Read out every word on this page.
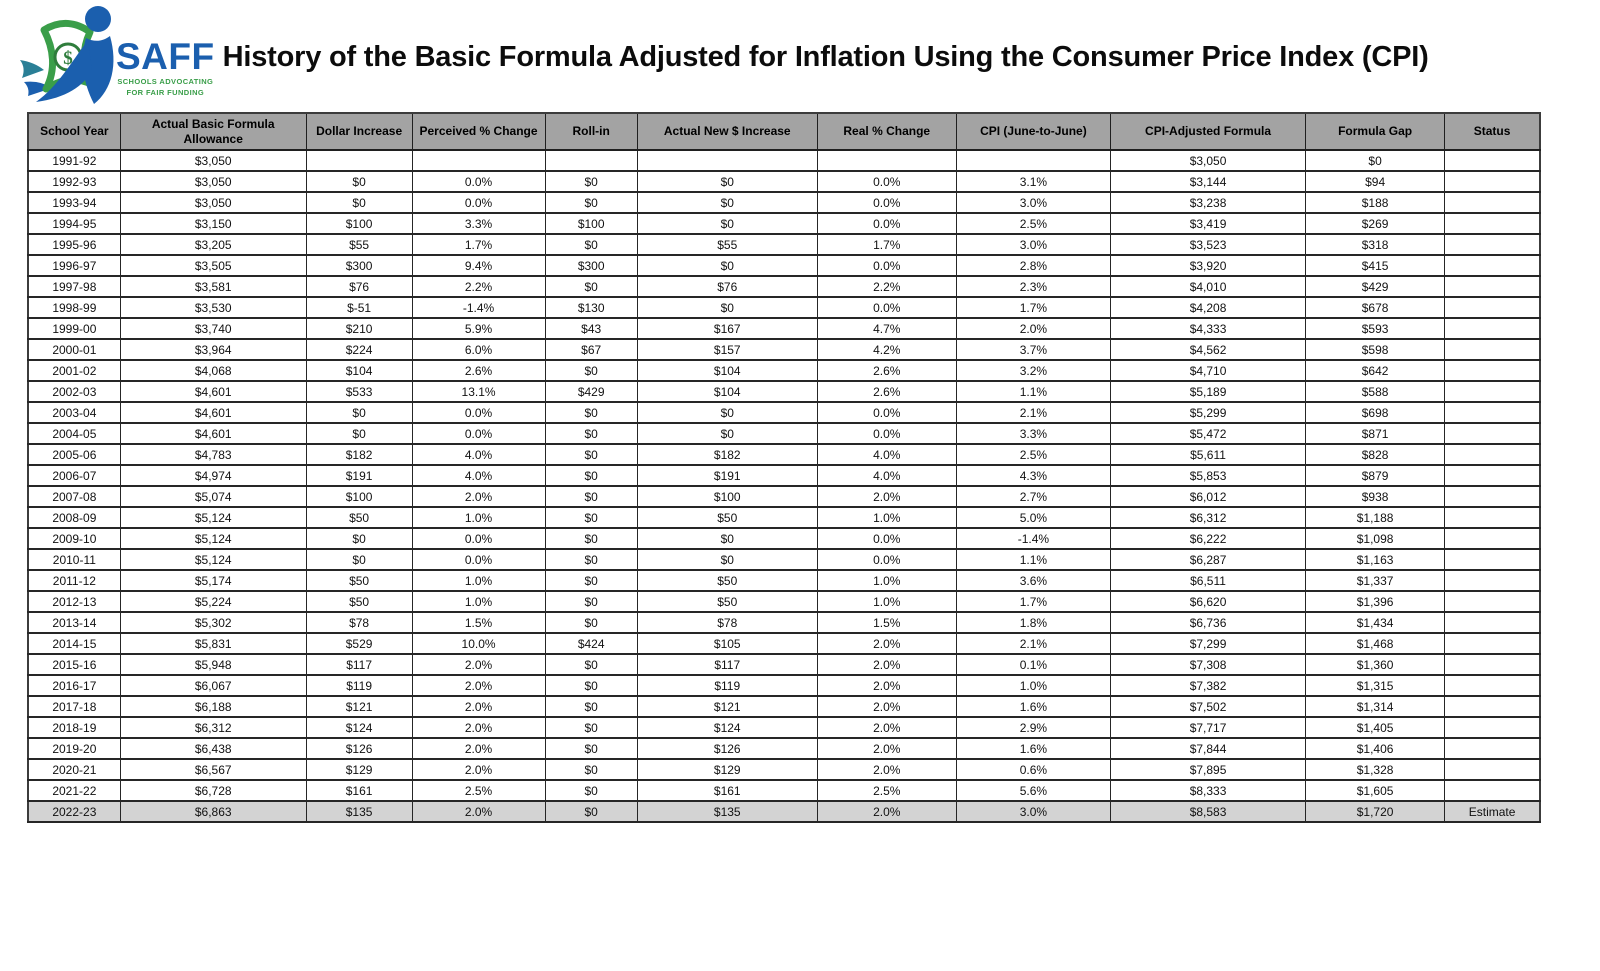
$ SAFF
SCHOOLS ADVOCATING
FOR FAIR FUNDING
History of the Basic Formula Adjusted for Inflation Using the Consumer Price Index (CPI)
School Year	Actual Basic Formula Allowance	Dollar Increase	Perceived % Change	Roll-in	Actual New $ Increase	Real % Change	CPI (June-to-June)	CPI-Adjusted Formula	Formula Gap	Status
1991-92	$3,050							$3,050	$0	
1992-93	$3,050	$0	0.0%	$0	$0	0.0%	3.1%	$3,144	$94	
1993-94	$3,050	$0	0.0%	$0	$0	0.0%	3.0%	$3,238	$188	
1994-95	$3,150	$100	3.3%	$100	$0	0.0%	2.5%	$3,419	$269	
1995-96	$3,205	$55	1.7%	$0	$55	1.7%	3.0%	$3,523	$318	
1996-97	$3,505	$300	9.4%	$300	$0	0.0%	2.8%	$3,920	$415	
1997-98	$3,581	$76	2.2%	$0	$76	2.2%	2.3%	$4,010	$429	
1998-99	$3,530	$-51	-1.4%	$130	$0	0.0%	1.7%	$4,208	$678	
1999-00	$3,740	$210	5.9%	$43	$167	4.7%	2.0%	$4,333	$593	
2000-01	$3,964	$224	6.0%	$67	$157	4.2%	3.7%	$4,562	$598	
2001-02	$4,068	$104	2.6%	$0	$104	2.6%	3.2%	$4,710	$642	
2002-03	$4,601	$533	13.1%	$429	$104	2.6%	1.1%	$5,189	$588	
2003-04	$4,601	$0	0.0%	$0	$0	0.0%	2.1%	$5,299	$698	
2004-05	$4,601	$0	0.0%	$0	$0	0.0%	3.3%	$5,472	$871	
2005-06	$4,783	$182	4.0%	$0	$182	4.0%	2.5%	$5,611	$828	
2006-07	$4,974	$191	4.0%	$0	$191	4.0%	4.3%	$5,853	$879	
2007-08	$5,074	$100	2.0%	$0	$100	2.0%	2.7%	$6,012	$938	
2008-09	$5,124	$50	1.0%	$0	$50	1.0%	5.0%	$6,312	$1,188	
2009-10	$5,124	$0	0.0%	$0	$0	0.0%	-1.4%	$6,222	$1,098	
2010-11	$5,124	$0	0.0%	$0	$0	0.0%	1.1%	$6,287	$1,163	
2011-12	$5,174	$50	1.0%	$0	$50	1.0%	3.6%	$6,511	$1,337	
2012-13	$5,224	$50	1.0%	$0	$50	1.0%	1.7%	$6,620	$1,396	
2013-14	$5,302	$78	1.5%	$0	$78	1.5%	1.8%	$6,736	$1,434	
2014-15	$5,831	$529	10.0%	$424	$105	2.0%	2.1%	$7,299	$1,468	
2015-16	$5,948	$117	2.0%	$0	$117	2.0%	0.1%	$7,308	$1,360	
2016-17	$6,067	$119	2.0%	$0	$119	2.0%	1.0%	$7,382	$1,315	
2017-18	$6,188	$121	2.0%	$0	$121	2.0%	1.6%	$7,502	$1,314	
2018-19	$6,312	$124	2.0%	$0	$124	2.0%	2.9%	$7,717	$1,405	
2019-20	$6,438	$126	2.0%	$0	$126	2.0%	1.6%	$7,844	$1,406	
2020-21	$6,567	$129	2.0%	$0	$129	2.0%	0.6%	$7,895	$1,328	
2021-22	$6,728	$161	2.5%	$0	$161	2.5%	5.6%	$8,333	$1,605	
2022-23	$6,863	$135	2.0%	$0	$135	2.0%	3.0%	$8,583	$1,720	Estimate
